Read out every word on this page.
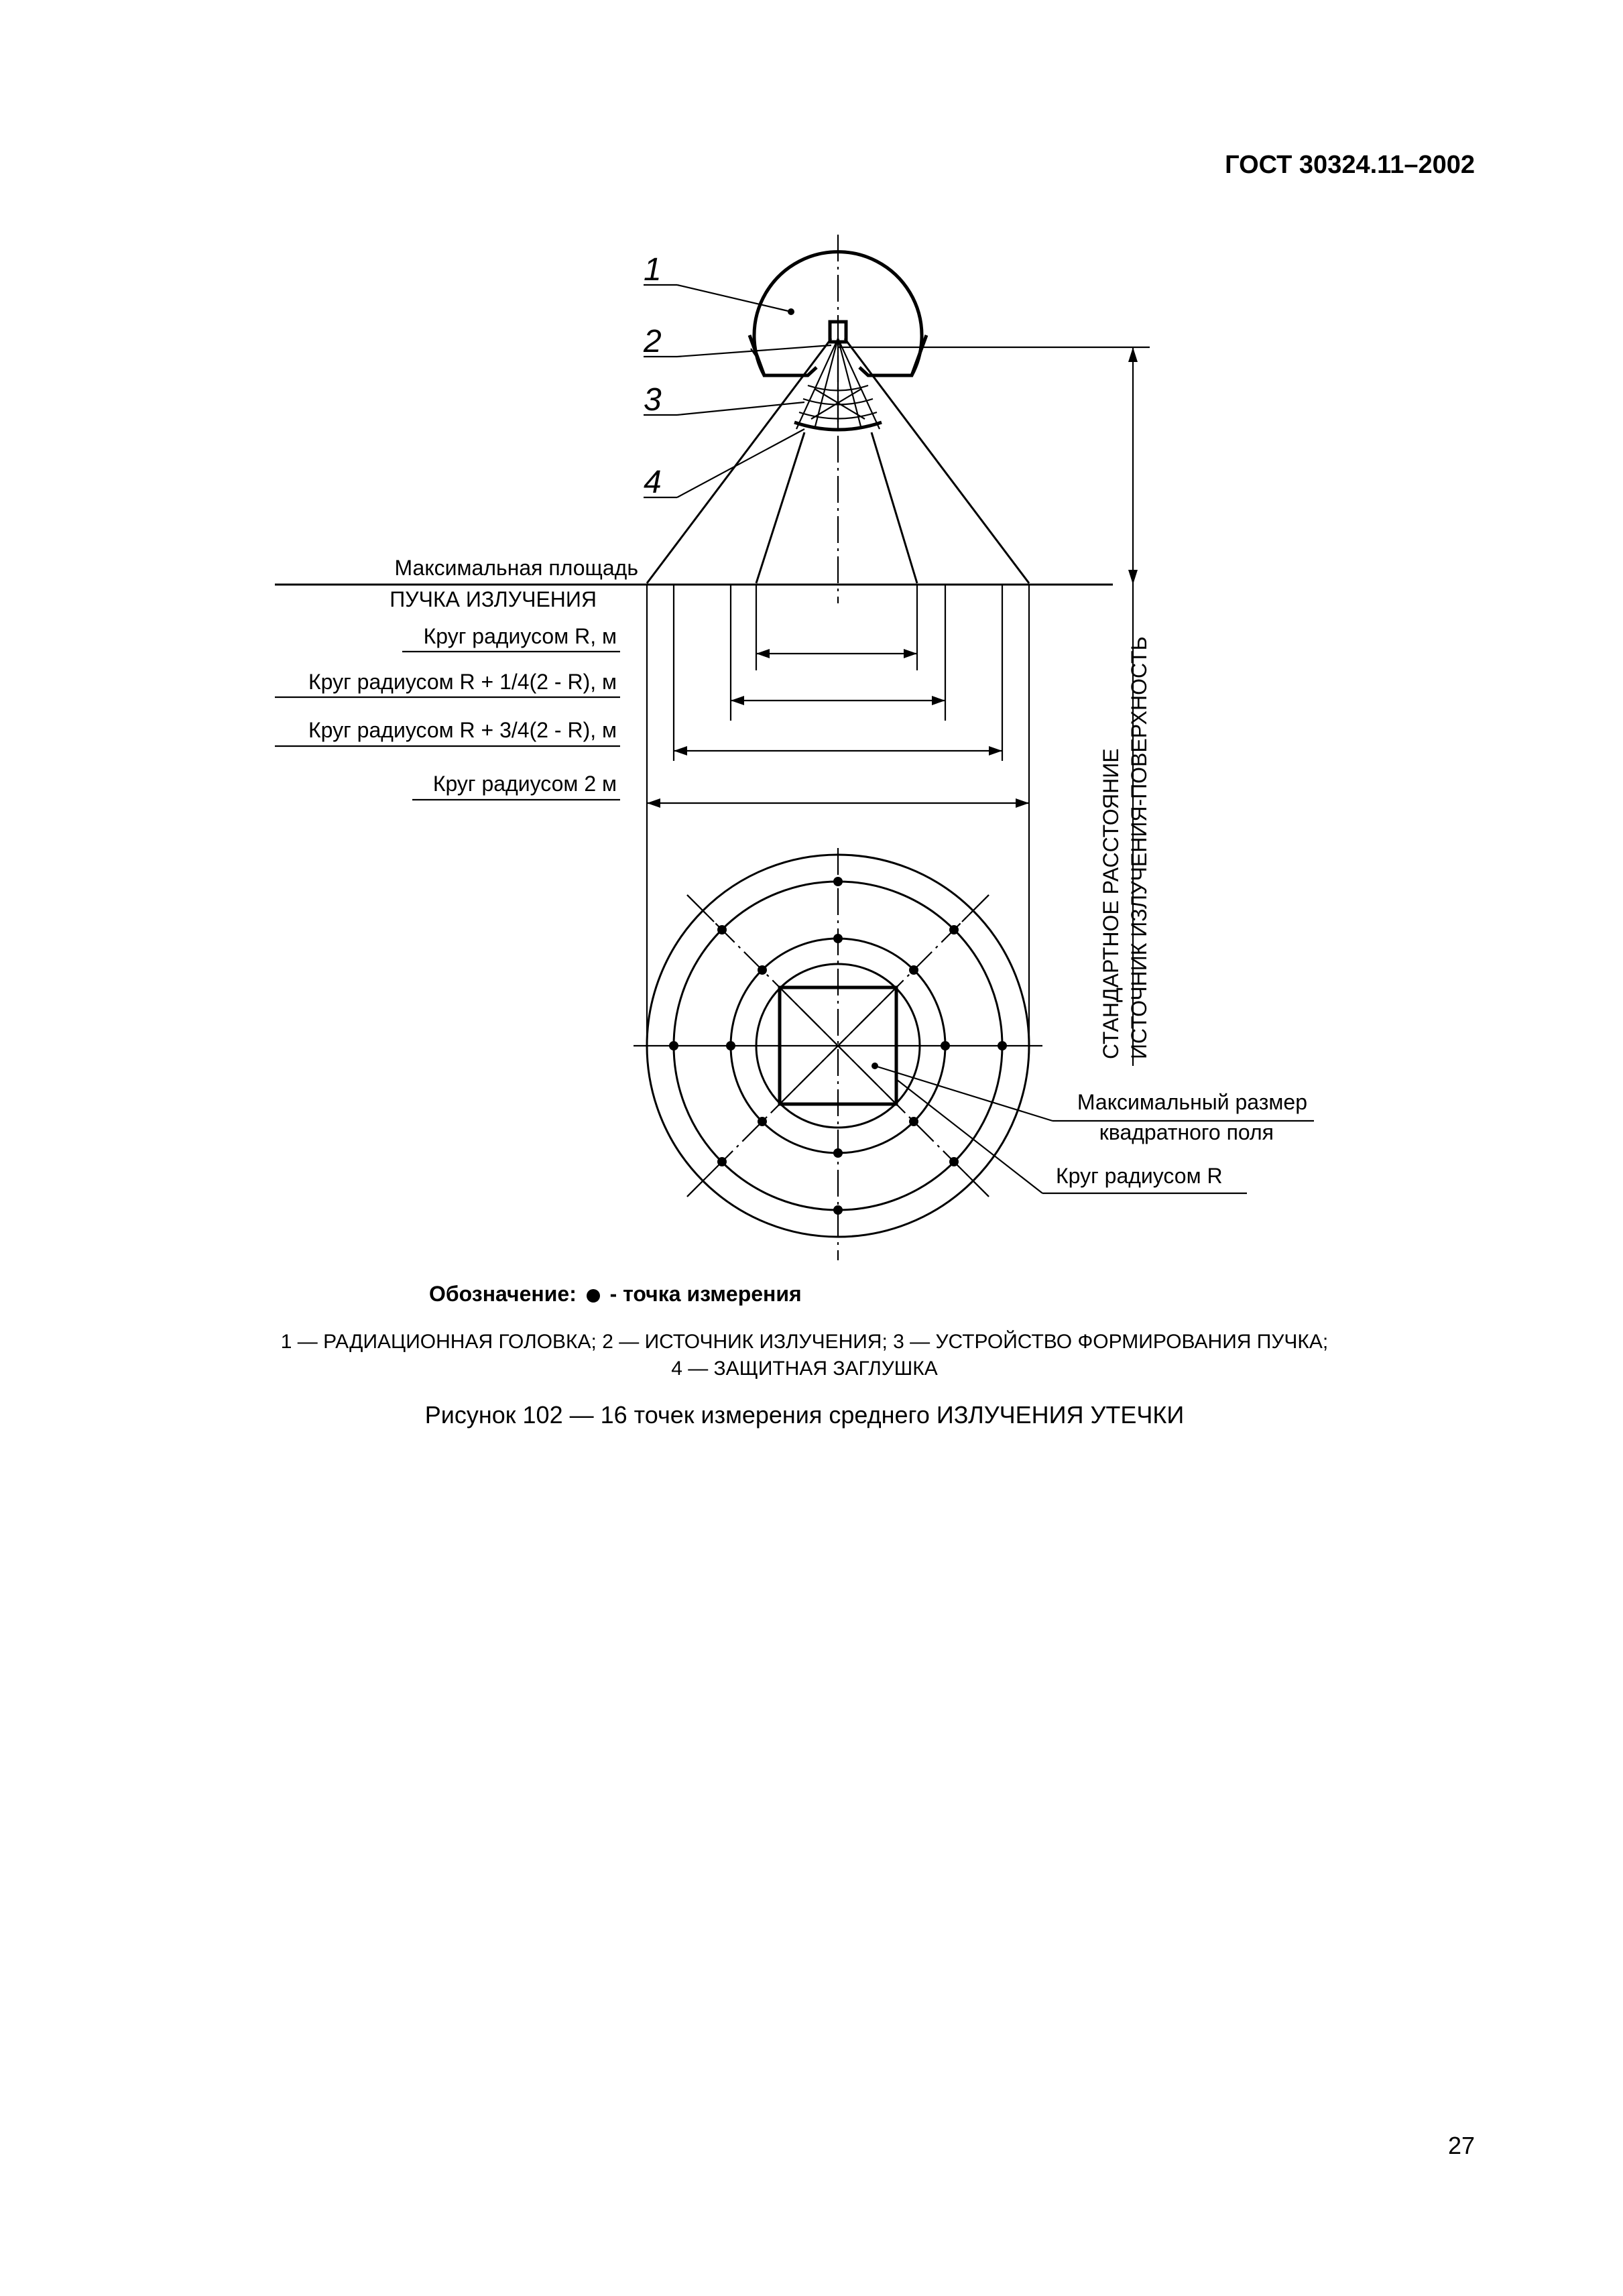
ГОСТ 30324.11–2002
1
2
3
4
Максимальная площадь
ПУЧКА ИЗЛУЧЕНИЯ
Круг радиусом R, м
Круг радиусом R + 1/4(2 - R), м
Круг радиусом R + 3/4(2 - R), м
Круг радиусом 2 м	СТАНДАРТНОЕ РАССТОЯНИЕ ИСТОЧНИК ИЗЛУЧЕНИЯ-ПОВЕРХНОСТЬ
Максимальный размер
квадратного поля
Круг радиусом R
Обозначение: - точка измерения
1 — РАДИАЦИОННАЯ ГОЛОВКА; 2 — ИСТОЧНИК ИЗЛУЧЕНИЯ; 3 — УСТРОЙСТВО ФОРМИРОВАНИЯ ПУЧКА;
4 — ЗАЩИТНАЯ ЗАГЛУШКА
Рисунок 102 — 16 точек измерения среднего ИЗЛУЧЕНИЯ УТЕЧКИ
27
